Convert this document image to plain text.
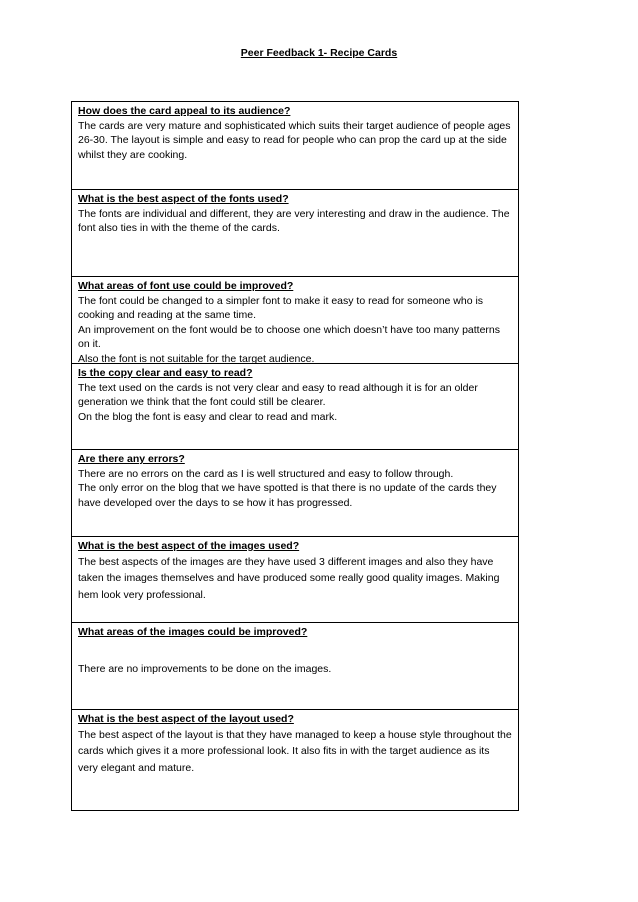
Peer Feedback 1- Recipe Cards
How does the card appeal to its audience?
The cards are very mature and sophisticated which suits their target audience of people ages 26-30. The layout is simple and easy to read for people who can prop the card up at the side whilst they are cooking.
What is the best aspect of the fonts used?
The fonts are individual and different, they are very interesting and draw in the audience. The font also ties in with the theme of the cards.
What areas of font use could be improved?
The font could be changed to a simpler font to make it easy to read for someone who is cooking and reading at the same time.
An improvement on the font would be to choose one which doesn’t have too many patterns on it.
Also the font is not suitable for the target audience.
Is the copy clear and easy to read?
The text used on the cards is not very clear and easy to read although it is for an older generation we think that the font could still be clearer.
On the blog the font is easy and clear to read and mark.
Are there any errors?
There are no errors on the card as I is well structured and easy to follow through.
The only error on the blog that we have spotted is that there is no update of the cards they have developed over the days to se how it has progressed.
What is the best aspect of the images used?
The best aspects of the images are they have used 3 different images and also they have taken the images themselves and have produced some really good quality images. Making hem look very professional.
What areas of the images could be improved?
There are no improvements to be done on the images.
What is the best aspect of the layout used?
The best aspect of the layout is that they have managed to keep a house style throughout the cards which gives it a more professional look. It also fits in with the target audience as its very elegant and mature.
